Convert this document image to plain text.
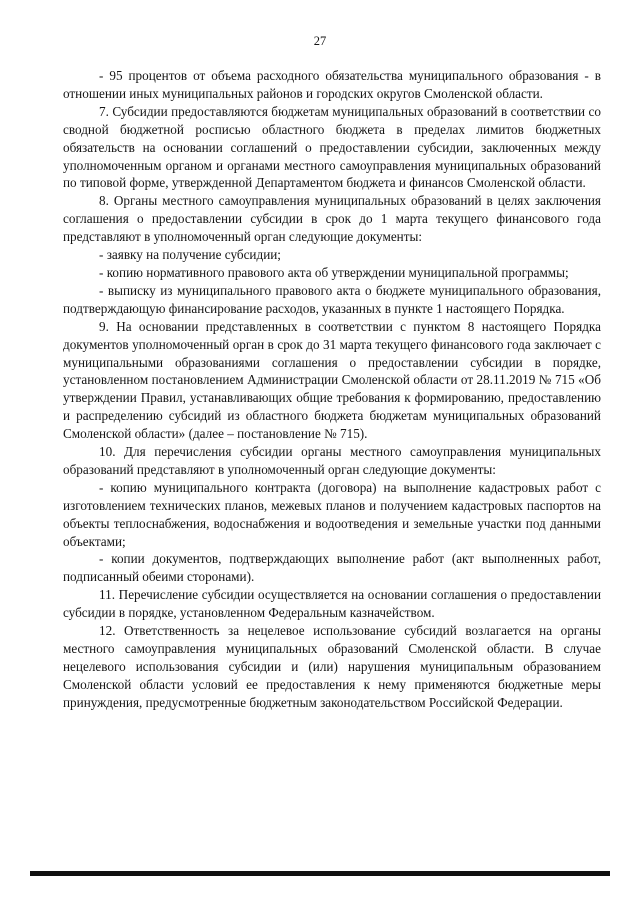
27

- 95 процентов от объема расходного обязательства муниципального образования - в отношении иных муниципальных районов и городских округов Смоленской области.

7. Субсидии предоставляются бюджетам муниципальных образований в соответствии со сводной бюджетной росписью областного бюджета в пределах лимитов бюджетных обязательств на основании соглашений о предоставлении субсидии, заключенных между уполномоченным органом и органами местного самоуправления муниципальных образований по типовой форме, утвержденной Департаментом бюджета и финансов Смоленской области.

8. Органы местного самоуправления муниципальных образований в целях заключения соглашения о предоставлении субсидии в срок до 1 марта текущего финансового года представляют в уполномоченный орган следующие документы:

- заявку на получение субсидии;

- копию нормативного правового акта об утверждении муниципальной программы;

- выписку из муниципального правового акта о бюджете муниципального образования, подтверждающую финансирование расходов, указанных в пункте 1 настоящего Порядка.

9. На основании представленных в соответствии с пунктом 8 настоящего Порядка документов уполномоченный орган в срок до 31 марта текущего финансового года заключает с муниципальными образованиями соглашения о предоставлении субсидии в порядке, установленном постановлением Администрации Смоленской области от 28.11.2019 № 715 «Об утверждении Правил, устанавливающих общие требования к формированию, предоставлению и распределению субсидий из областного бюджета бюджетам муниципальных образований Смоленской области» (далее – постановление № 715).

10. Для перечисления субсидии органы местного самоуправления муниципальных образований представляют в уполномоченный орган следующие документы:

- копию муниципального контракта (договора) на выполнение кадастровых работ с изготовлением технических планов, межевых планов и получением кадастровых паспортов на объекты теплоснабжения, водоснабжения и водоотведения и земельные участки под данными объектами;

- копии документов, подтверждающих выполнение работ (акт выполненных работ, подписанный обеими сторонами).

11. Перечисление субсидии осуществляется на основании соглашения о предоставлении субсидии в порядке, установленном Федеральным казначейством.

12. Ответственность за нецелевое использование субсидий возлагается на органы местного самоуправления муниципальных образований Смоленской области. В случае нецелевого использования субсидии и (или) нарушения муниципальным образованием Смоленской области условий ее предоставления к нему применяются бюджетные меры принуждения, предусмотренные бюджетным законодательством Российской Федерации.
